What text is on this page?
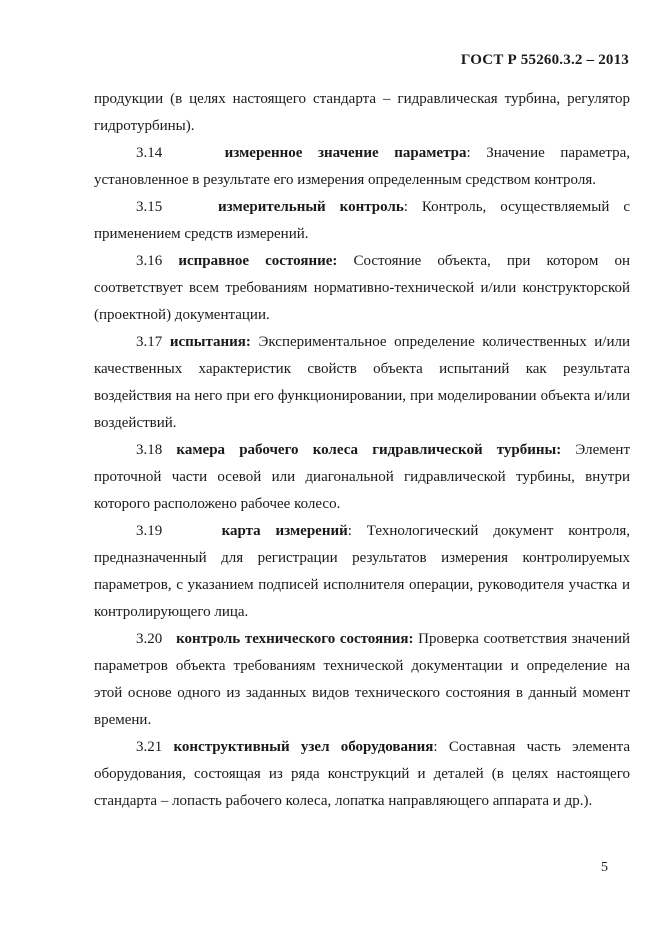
ГОСТ Р 55260.3.2 – 2013

продукции (в целях настоящего стандарта – гидравлическая турбина, регулятор гидротурбины).

3.14	измеренное значение параметра: Значение параметра, установленное в результате его измерения определенным средством контроля.

3.15	измерительный контроль: Контроль, осуществляемый с применением средств измерений.

3.16 исправное состояние: Состояние объекта, при котором он соответствует всем требованиям нормативно-технической и/или конструкторской (проектной) документации.

3.17 испытания: Экспериментальное определение количественных и/или качественных характеристик свойств объекта испытаний как результата воздействия на него при его функционировании, при моделировании объекта и/или воздействий.

3.18 камера рабочего колеса гидравлической турбины: Элемент проточной части осевой или диагональной гидравлической турбины, внутри которого расположено рабочее колесо.

3.19	карта измерений: Технологический документ контроля, предназначенный для регистрации результатов измерения контролируемых параметров, с указанием подписей исполнителя операции, руководителя участка и контролирующего лица.

3.20 контроль технического состояния: Проверка соответствия значений параметров объекта требованиям технической документации и определение на этой основе одного из заданных видов технического состояния в данный момент времени.

3.21 конструктивный узел оборудования: Составная часть элемента оборудования, состоящая из ряда конструкций и деталей (в целях настоящего стандарта – лопасть рабочего колеса, лопатка направляющего аппарата и др.).

5
